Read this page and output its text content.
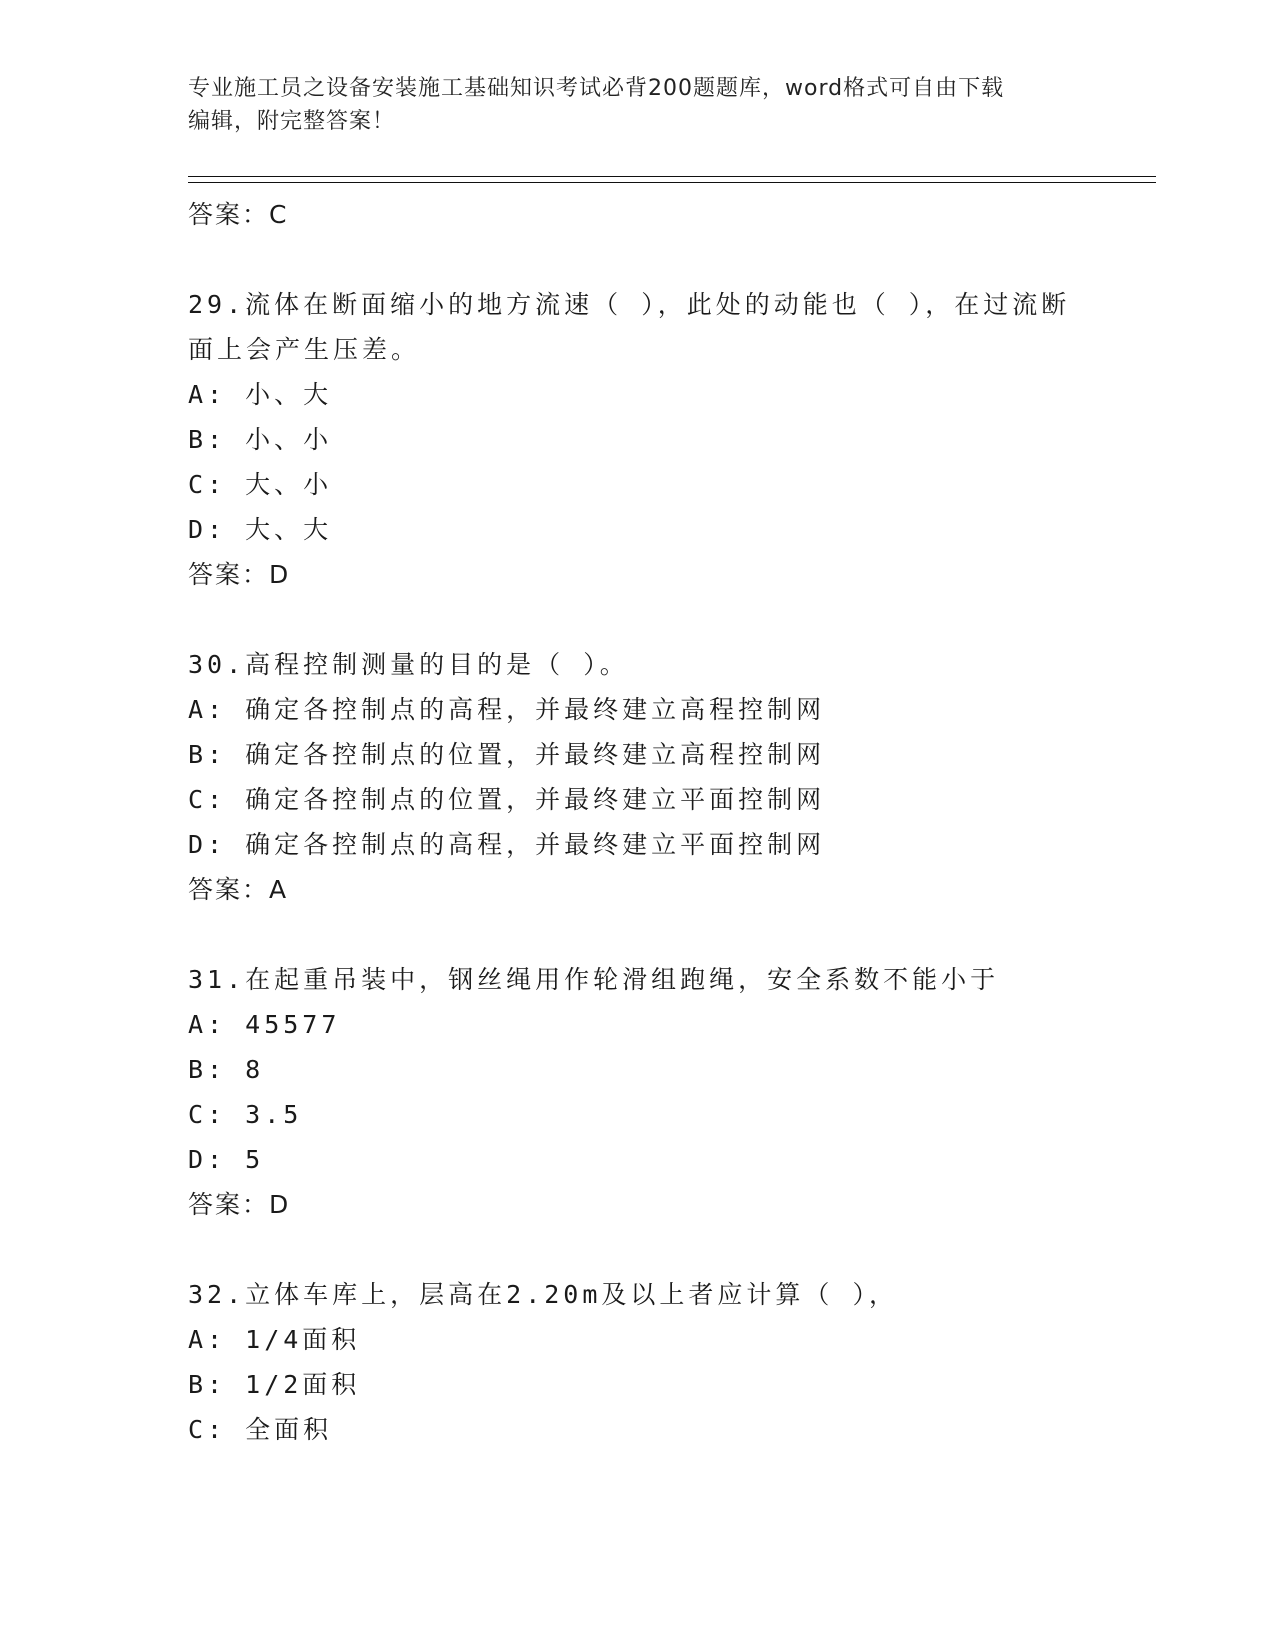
专业施工员之设备安装施工基础知识考试必背200题题库，word格式可自由下载
编辑，附完整答案！
答案：C
29.流体在断面缩小的地方流速（ ），此处的动能也（ ），在过流断
面上会产生压差。
A: 小、大
B: 小、小
C: 大、小
D: 大、大
答案：D
30.高程控制测量的目的是（ ）。
A: 确定各控制点的高程，并最终建立高程控制网
B: 确定各控制点的位置，并最终建立高程控制网
C: 确定各控制点的位置，并最终建立平面控制网
D: 确定各控制点的高程，并最终建立平面控制网
答案：A
31.在起重吊装中，钢丝绳用作轮滑组跑绳，安全系数不能小于
A: 45577
B: 8
C: 3.5
D: 5
答案：D
32.立体车库上，层高在2.20m及以上者应计算（ ），
A: 1/4面积
B: 1/2面积
C: 全面积
